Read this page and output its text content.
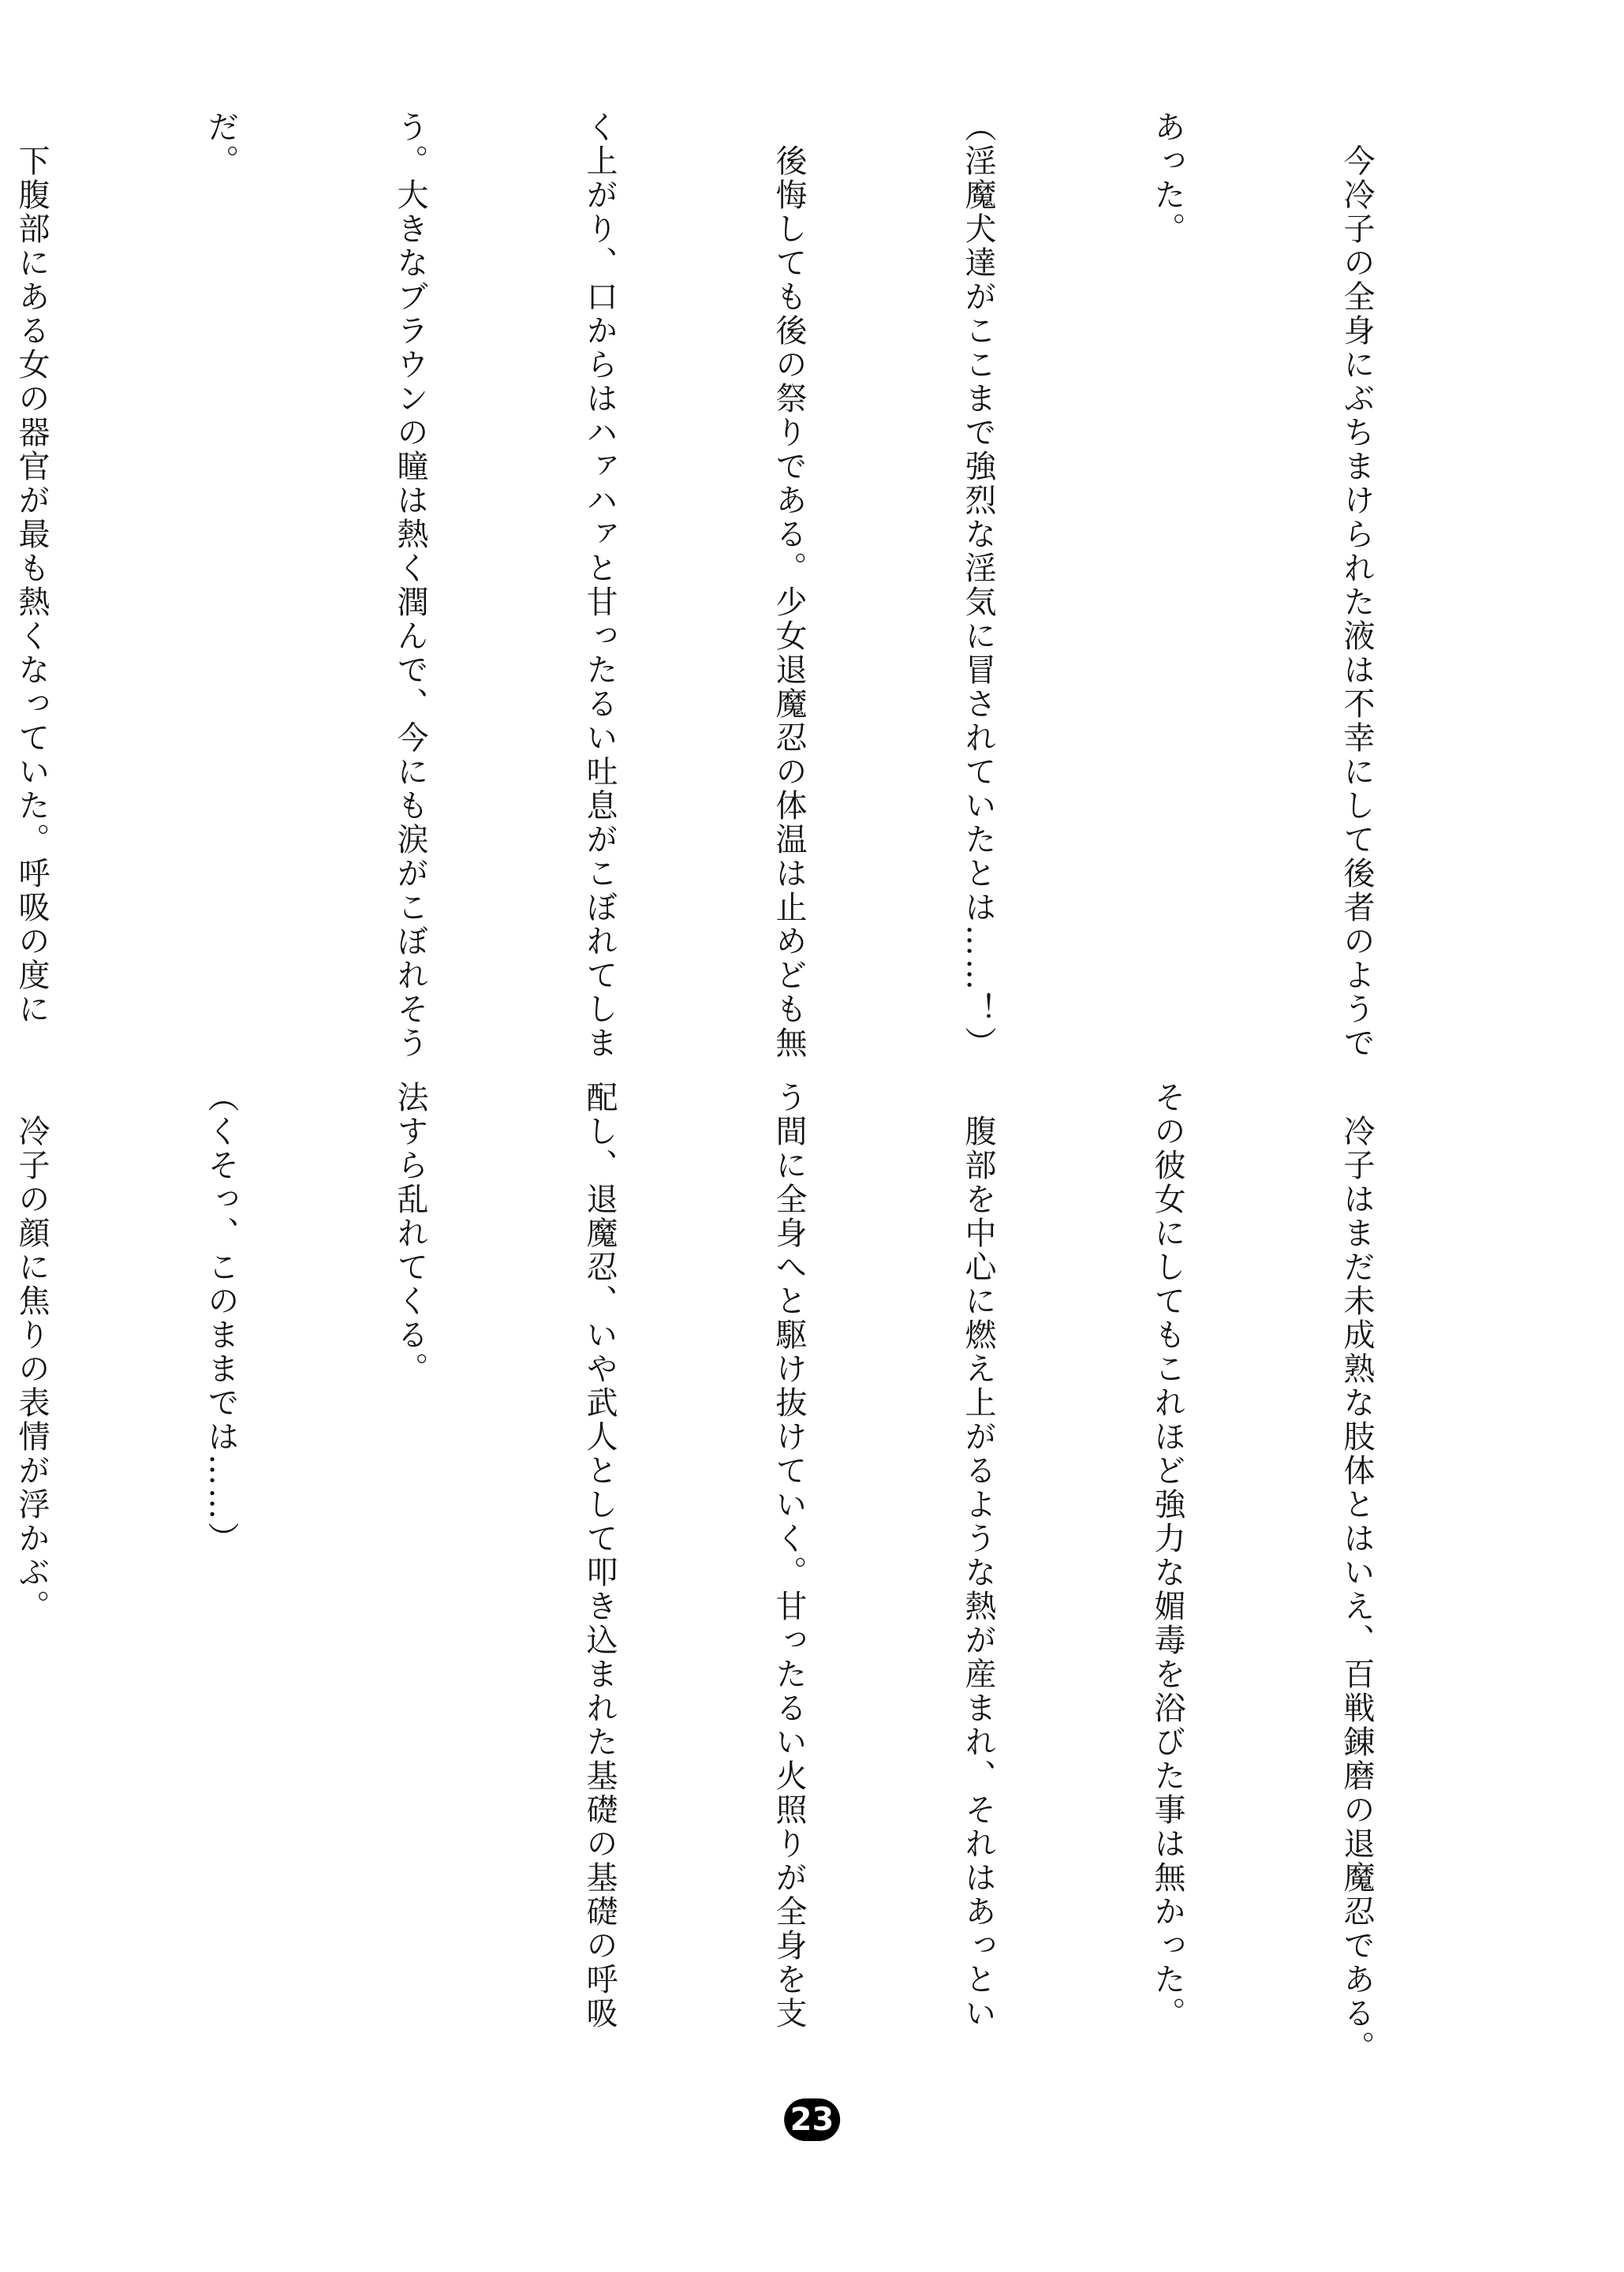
　今冷子の全身にぶちまけられた液は不幸にして後者のようで

あった。

（淫魔犬達がここまで強烈な淫気に冒されていたとは……！）

　後悔しても後の祭りである。少女退魔忍の体温は止めども無

く上がり、口からはハァハァと甘ったるい吐息がこぼれてしま

う。大きなブラウンの瞳は熱く潤んで、今にも涙がこぼれそう

だ。

　下腹部にある女の器官が最も熱くなっていた。呼吸の度に

　冷子はまだ未成熟な肢体とはいえ、百戦錬磨の退魔忍である。

その彼女にしてもこれほど強力な媚毒を浴びた事は無かった。

　腹部を中心に燃え上がるような熱が産まれ、それはあっとい

う間に全身へと駆け抜けていく。甘ったるい火照りが全身を支

配し、退魔忍、いや武人として叩き込まれた基礎の基礎の呼吸

法すら乱れてくる。

（くそっ、このままでは……）

　冷子の顔に焦りの表情が浮かぶ。

23
